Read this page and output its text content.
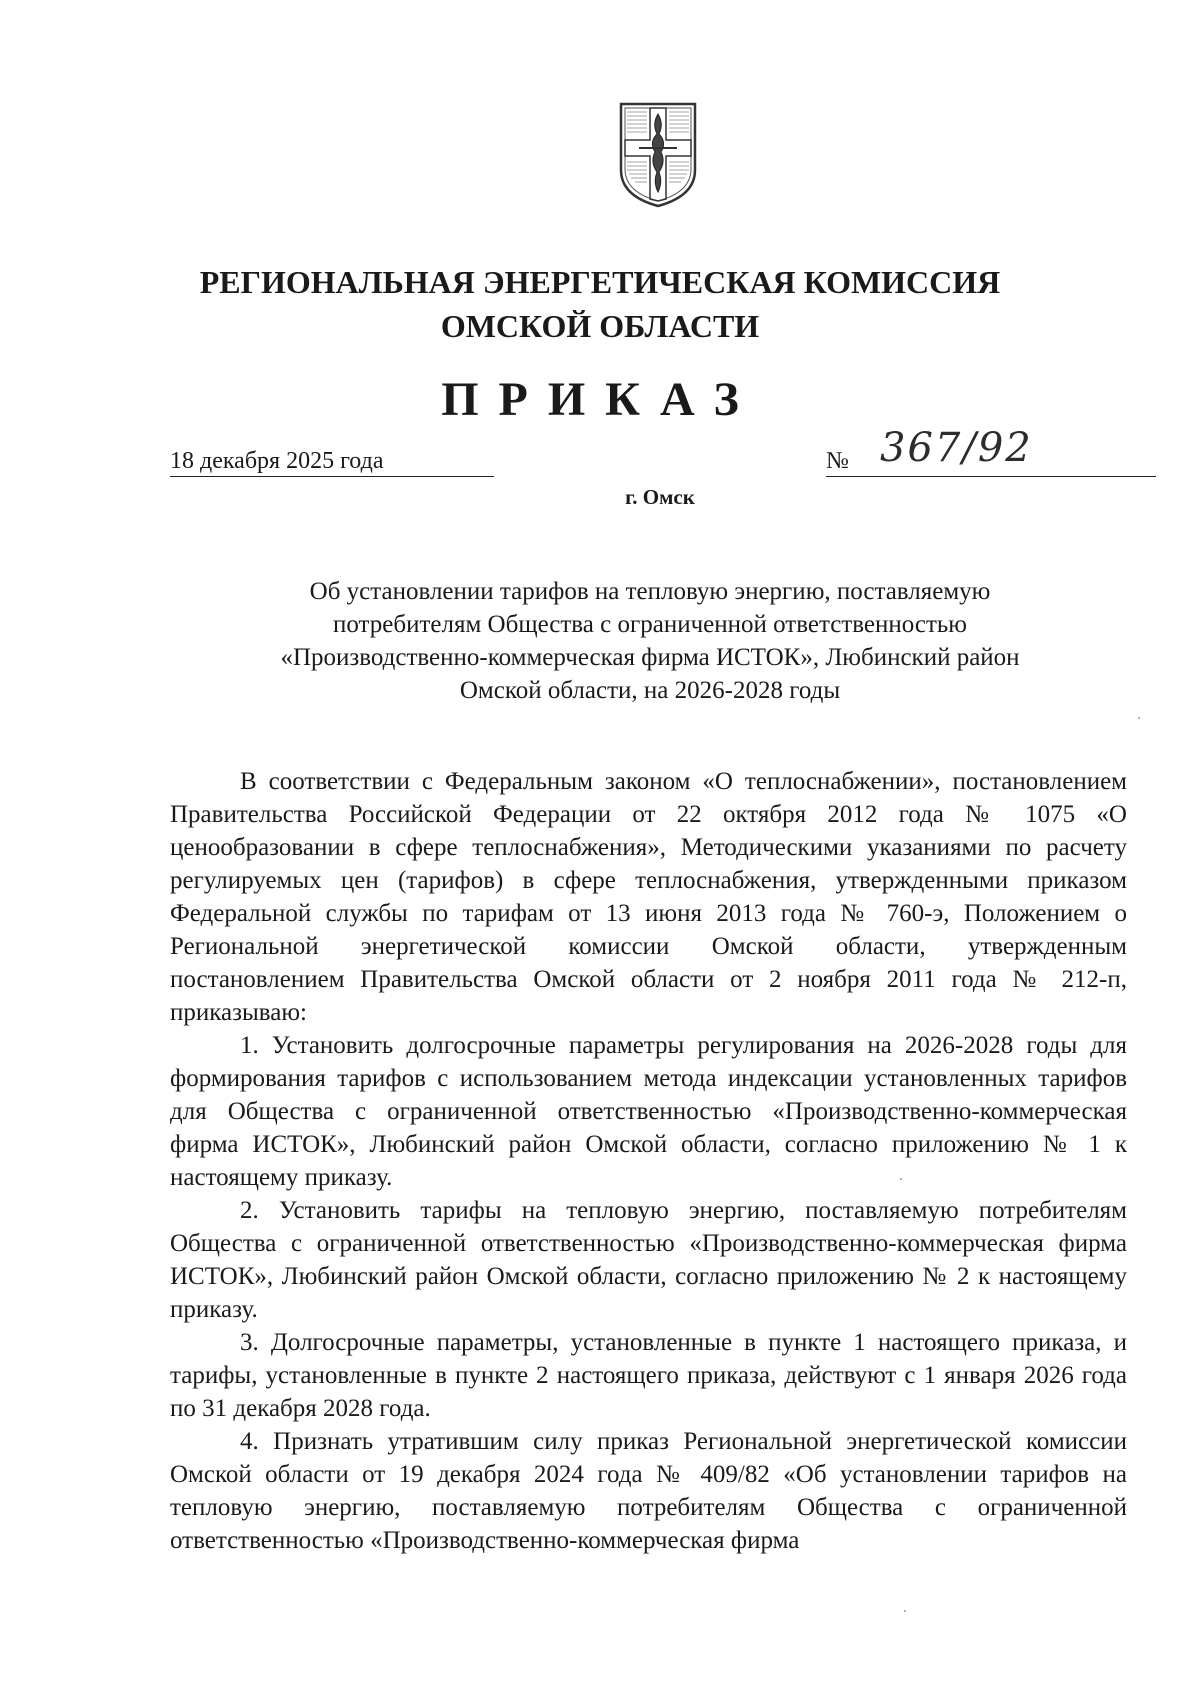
РЕГИОНАЛЬНАЯ ЭНЕРГЕТИЧЕСКАЯ КОМИССИЯ
ОМСКОЙ ОБЛАСТИ
ПРИКАЗ
18 декабря 2025 года	№ 367/92
г. Омск
Об установлении тарифов на тепловую энергию, поставляемую
потребителям Общества с ограниченной ответственностью
«Производственно-коммерческая фирма ИСТОК», Любинский район
Омской области, на 2026-2028 годы

В соответствии с Федеральным законом «О теплоснабжении», постановлением Правительства Российской Федерации от 22 октября 2012 года № 1075 «О ценообразовании в сфере теплоснабжения», Методическими указаниями по расчету регулируемых цен (тарифов) в сфере теплоснабжения, утвержденными приказом Федеральной службы по тарифам от 13 июня 2013 года № 760-э, Положением о Региональной энергетической комиссии Омской области, утвержденным постановлением Правительства Омской области от 2 ноября 2011 года № 212-п, приказываю:

1. Установить долгосрочные параметры регулирования на 2026-2028 годы для формирования тарифов с использованием метода индексации установленных тарифов для Общества с ограниченной ответственностью «Производственно-коммерческая фирма ИСТОК», Любинский район Омской области, согласно приложению № 1 к настоящему приказу.

2. Установить тарифы на тепловую энергию, поставляемую потребителям Общества с ограниченной ответственностью «Производственно-коммерческая фирма ИСТОК», Любинский район Омской области, согласно приложению № 2 к настоящему приказу.

3. Долгосрочные параметры, установленные в пункте 1 настоящего приказа, и тарифы, установленные в пункте 2 настоящего приказа, действуют с 1 января 2026 года по 31 декабря 2028 года.

4. Признать утратившим силу приказ Региональной энергетической комиссии Омской области от 19 декабря 2024 года № 409/82 «Об установлении тарифов на тепловую энергию, поставляемую потребителям Общества с ограниченной ответственностью «Производственно-коммерческая фирма
